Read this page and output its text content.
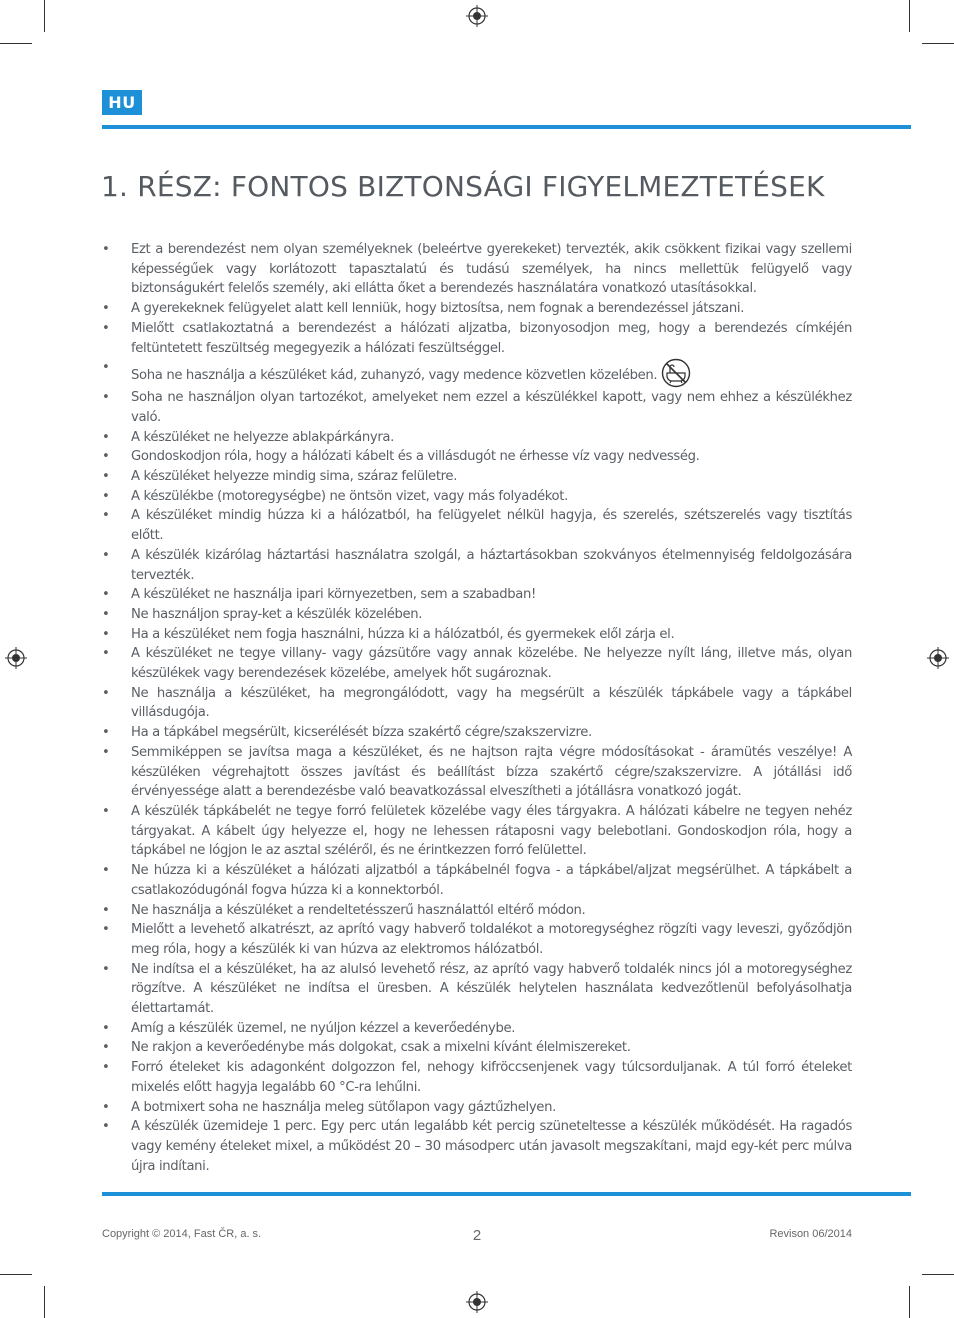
HU
1. RÉSZ: FONTOS BIZTONSÁGI FIGYELMEZTETÉSEK
• Ezt a berendezést nem olyan személyeknek (beleértve gyerekeket) tervezték, akik csökkent fizikai vagy szellemi képességűek vagy korlátozott tapasztalatú és tudású személyek, ha nincs mellettük felügyelő vagy biztonságukért felelős személy, aki ellátta őket a berendezés használatára vonatkozó utasításokkal.
• A gyerekeknek felügyelet alatt kell lenniük, hogy biztosítsa, nem fognak a berendezéssel játszani.
• Mielőtt csatlakoztatná a berendezést a hálózati aljzatba, bizonyosodjon meg, hogy a berendezés címkéjén feltüntetett feszültség megegyezik a hálózati feszültséggel.
•
Soha ne használja a készüléket kád, zuhanyzó, vagy medence közvetlen közelében.
• Soha ne használjon olyan tartozékot, amelyeket nem ezzel a készülékkel kapott, vagy nem ehhez a készülékhez való.
• A készüléket ne helyezze ablakpárkányra.
• Gondoskodjon róla, hogy a hálózati kábelt és a villásdugót ne érhesse víz vagy nedvesség.
• A készüléket helyezze mindig sima, száraz felületre.
• A készülékbe (motoregységbe) ne öntsön vizet, vagy más folyadékot.
• A készüléket mindig húzza ki a hálózatból, ha felügyelet nélkül hagyja, és szerelés, szétszerelés vagy tisztítás előtt.
• A készülék kizárólag háztartási használatra szolgál, a háztartásokban szokványos ételmennyiség feldolgozására tervezték.
• A készüléket ne használja ipari környezetben, sem a szabadban!
• Ne használjon spray-ket a készülék közelében.
• Ha a készüléket nem fogja használni, húzza ki a hálózatból, és gyermekek elől zárja el.
• A készüléket ne tegye villany- vagy gázsütőre vagy annak közelébe. Ne helyezze nyílt láng, illetve más, olyan készülékek vagy berendezések közelébe, amelyek hőt sugároznak.
• Ne használja a készüléket, ha megrongálódott, vagy ha megsérült a készülék tápkábele vagy a tápkábel villásdugója.
• Ha a tápkábel megsérült, kicserélését bízza szakértő cégre/szakszervizre.
• Semmiképpen se javítsa maga a készüléket, és ne hajtson rajta végre módosításokat - áramütés veszélye! A készüléken végrehajtott összes javítást és beállítást bízza szakértő cégre/szakszervizre. A jótállási idő érvényessége alatt a berendezésbe való beavatkozással elveszítheti a jótállásra vonatkozó jogát.
• A készülék tápkábelét ne tegye forró felületek közelébe vagy éles tárgyakra. A hálózati kábelre ne tegyen nehéz tárgyakat. A kábelt úgy helyezze el, hogy ne lehessen rátaposni vagy belebotlani. Gondoskodjon róla, hogy a tápkábel ne lógjon le az asztal széléről, és ne érintkezzen forró felülettel.
• Ne húzza ki a készüléket a hálózati aljzatból a tápkábelnél fogva - a tápkábel/aljzat megsérülhet. A tápkábelt a csatlakozódugónál fogva húzza ki a konnektorból.
• Ne használja a készüléket a rendeltetésszerű használattól eltérő módon.
• Mielőtt a levehető alkatrészt, az aprító vagy habverő toldalékot a motoregységhez rögzíti vagy leveszi, győződjön meg róla, hogy a készülék ki van húzva az elektromos hálózatból.
• Ne indítsa el a készüléket, ha az alulsó levehető rész, az aprító vagy habverő toldalék nincs jól a motoregységhez rögzítve. A készüléket ne indítsa el üresben. A készülék helytelen használata kedvezőtlenül befolyásolhatja élettartamát.
• Amíg a készülék üzemel, ne nyúljon kézzel a keverőedénybe.
• Ne rakjon a keverőedénybe más dolgokat, csak a mixelni kívánt élelmiszereket.
• Forró ételeket kis adagonként dolgozzon fel, nehogy kifröccsenjenek vagy túlcsorduljanak. A túl forró ételeket mixelés előtt hagyja legalább 60 °C-ra lehűlni.
• A botmixert soha ne használja meleg sütőlapon vagy gáztűzhelyen.
• A készülék üzemideje 1 perc. Egy perc után legalább két percig szüneteltesse a készülék működését. Ha ragadós vagy kemény ételeket mixel, a működést 20 – 30 másodperc után javasolt megszakítani, majd egy-két perc múlva újra indítani.
Copyright © 2014, Fast ČR, a. s.	2	Revison 06/2014
